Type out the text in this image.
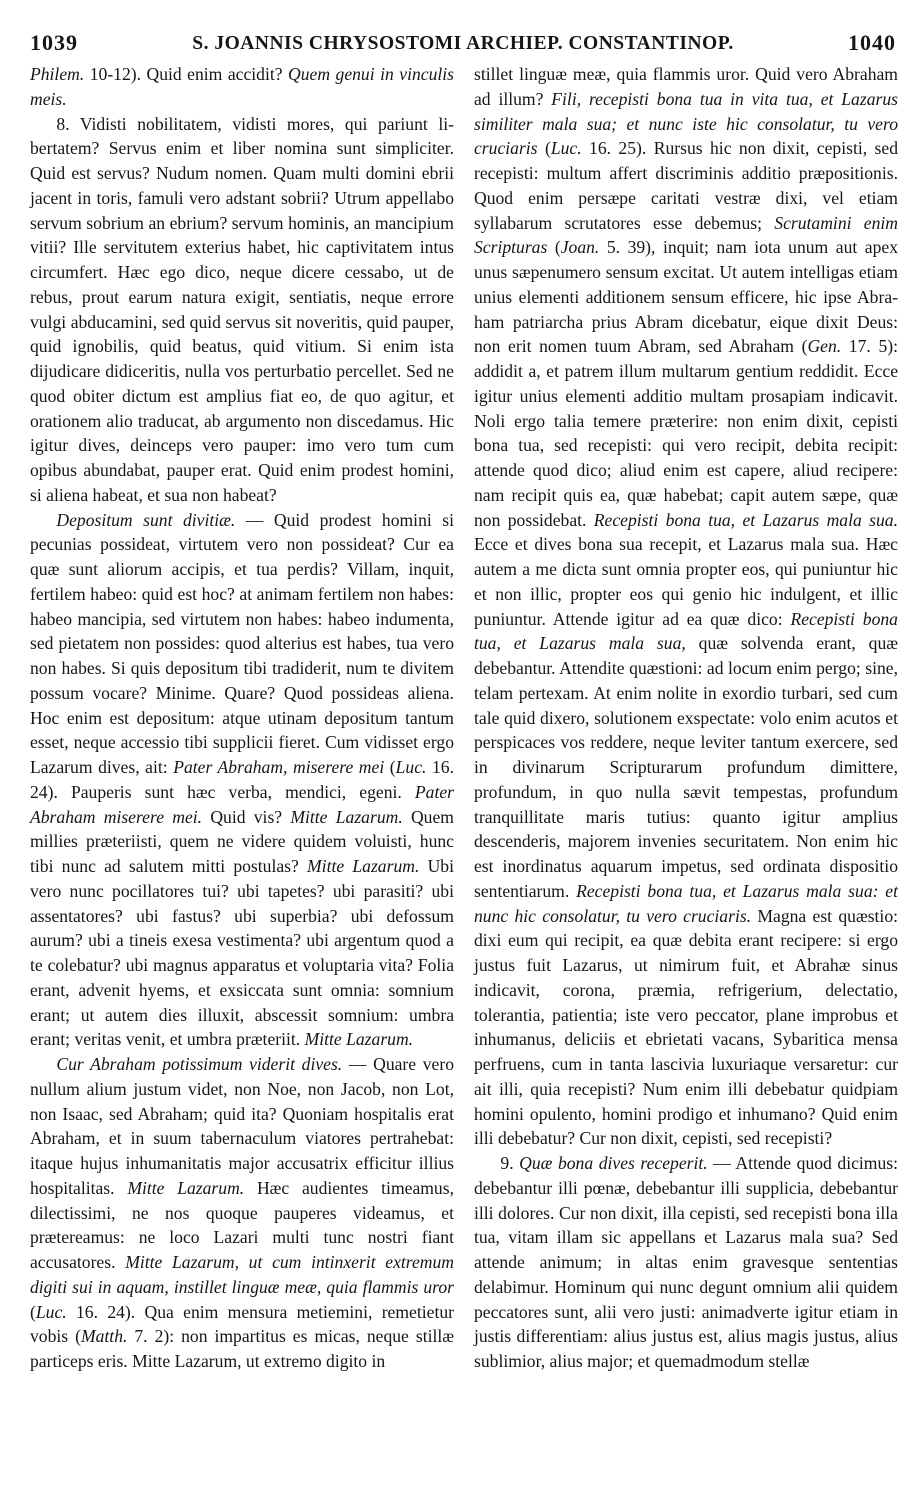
1039	S. JOANNIS CHRYSOSTOMI ARCHIEP. CONSTANTINOP.	1040

Philem. 10-12). Quid enim accidit? Quem genui in vinculis meis.

8. Vidisti nobilitatem, vidisti mores, qui pariunt libertatem? Servus enim et liber nomina sunt simpliciter. Quid est servus? Nudum nomen. Quam multi domini ebrii jacent in toris, famuli vero adstant sobrii? Utrum appellabo servum sobrium an ebrium? servum hominis, an mancipium vitii? Ille servitutem exterius habet, hic captivitatem intus circumfert. Hæc ego dico, neque dicere cessabo, ut de rebus, prout earum natura exigit, sentiatis, neque errore vulgi abducamini, sed quid servus sit noveritis, quid pauper, quid ignobilis, quid beatus, quid vitium. Si enim ista dijudicare didiceritis, nulla vos perturbatio percellet. Sed ne quod obiter dictum est amplius fiat eo, de quo agitur, et orationem alio traducat, ab argumento non discedamus. Hic igitur dives, deinceps vero pauper: imo vero tum cum opibus abundabat, pauper erat. Quid enim prodest homini, si aliena habeat, et sua non habeat?

Depositum sunt divitiæ. — Quid prodest homini si pecunias possideat, virtutem vero non possideat? Cur ea quæ sunt aliorum accipis, et tua perdis? Villam, inquit, fertilem habeo: quid est hoc? at animam fertilem non habes: habeo mancipia, sed virtutem non habes: habeo indumenta, sed pietatem non possides: quod alterius est habes, tua vero non habes. Si quis depositum tibi tradiderit, num te divitem possum vocare? Minime. Quare? Quod possideas aliena. Hoc enim est depositum: atque utinam depositum tantum esset, neque accessio tibi supplicii fieret. Cum vidisset ergo Lazarum dives, ait: Pater Abraham, miserere mei (Luc. 16. 24). Pauperis sunt hæc verba, mendici, egeni. Pater Abraham miserere mei. Quid vis? Mitte Lazarum. Quem millies præteriisti, quem ne videre quidem voluisti, hunc tibi nunc ad salutem mitti postulas? Mitte Lazarum. Ubi vero nunc pocillatores tui? ubi tapetes? ubi parasiti? ubi assentatores? ubi fastus? ubi superbia? ubi defossum aurum? ubi a tineis exesa vestimenta? ubi argentum quod a te colebatur? ubi magnus apparatus et voluptaria vita? Folia erant, advenit hyems, et exsiccata sunt omnia: somnium erant; ut autem dies illuxit, abscessit somnium: umbra erant; veritas venit, et umbra præteriit. Mitte Lazarum.

Cur Abraham potissimum viderit dives. — Quare vero nullum alium justum videt, non Noe, non Jacob, non Lot, non Isaac, sed Abraham; quid ita? Quoniam hospitalis erat Abraham, et in suum tabernaculum viatores pertrahebat: itaque hujus inhumanitatis major accusatrix efficitur illius hospitalitas. Mitte Lazarum. Hæc audientes timeamus, dilectissimi, ne nos quoque pauperes videamus, et prætereamus: ne loco Lazari multi tunc nostri fiant accusatores. Mitte Lazarum, ut cum intinxerit extremum digiti sui in aquam, instillet linguæ meæ, quia flammis uror (Luc. 16. 24). Qua enim mensura metiemini, remetietur vobis (Matth. 7. 2): non impartitus es micas, neque stillæ particeps eris. Mitte Lazarum, ut extremo digito in

stillet linguæ meæ, quia flammis uror. Quid vero Abraham ad illum? Fili, recepisti bona tua in vita tua, et Lazarus similiter mala sua; et nunc iste hic consolatur, tu vero cruciaris (Luc. 16. 25). Rursus hic non dixit, cepisti, sed recepisti: multum affert discriminis additio præpositionis. Quod enim persæpe caritati vestræ dixi, vel etiam syllabarum scrutatores esse debemus; Scrutamini enim Scripturas (Joan. 5. 39), inquit; nam iota unum aut apex unus sæpenumero sensum excitat. Ut autem intelligas etiam unius elementi additionem sensum efficere, hic ipse Abraham patriarcha prius Abram dicebatur, eique dixit Deus: non erit nomen tuum Abram, sed Abraham (Gen. 17. 5): addidit a, et patrem illum multarum gentium reddidit. Ecce igitur unius elementi additio multam prosapiam indicavit. Noli ergo talia temere præterire: non enim dixit, cepisti bona tua, sed recepisti: qui vero recipit, debita recipit: attende quod dico; aliud enim est capere, aliud recipere: nam recipit quis ea, quæ habebat; capit autem sæpe, quæ non possidebat. Recepisti bona tua, et Lazarus mala sua. Ecce et dives bona sua recepit, et Lazarus mala sua. Hæc autem a me dicta sunt omnia propter eos, qui puniuntur hic et non illic, propter eos qui genio hic indulgent, et illic puniuntur. Attende igitur ad ea quæ dico: Recepisti bona tua, et Lazarus mala sua, quæ solvenda erant, quæ debebantur. Attendite quæstioni: ad locum enim pergo; sine, telam pertexam. At enim nolite in exordio turbari, sed cum tale quid dixero, solutionem exspectate: volo enim acutos et perspicaces vos reddere, neque leviter tantum exercere, sed in divinarum Scripturarum profundum dimittere, profundum, in quo nulla sævit tempestas, profundum tranquillitate maris tutius: quanto igitur amplius descenderis, majorem invenies securitatem. Non enim hic est inordinatus aquarum impetus, sed ordinata dispositio sententiarum. Recepisti bona tua, et Lazarus mala sua: et nunc hic consolatur, tu vero cruciaris. Magna est quæstio: dixi eum qui recipit, ea quæ debita erant recipere: si ergo justus fuit Lazarus, ut nimirum fuit, et Abrahæ sinus indicavit, corona, præmia, refrigerium, delectatio, tolerantia, patientia; iste vero peccator, plane improbus et inhumanus, deliciis et ebrietati vacans, Sybaritica mensa perfruens, cum in tanta lascivia luxuriaque versaretur: cur ait illi, quia recepisti? Num enim illi debebatur quidpiam homini opulento, homini prodigo et inhumano? Quid enim illi debebatur? Cur non dixit, cepisti, sed recepisti?

9. Quæ bona dives receperit. — Attende quod dicimus: debebantur illi pœnæ, debebantur illi supplicia, debebantur illi dolores. Cur non dixit, illa cepisti, sed recepisti bona illa tua, vitam illam sic appellans et Lazarus mala sua? Sed attende animum; in altas enim gravesque sententias delabimur. Hominum qui nunc degunt omnium alii quidem peccatores sunt, alii vero justi: animadverte igitur etiam in justis differentiam: alius justus est, alius magis justus, alius sublimior, alius major; et quemadmodum stellæ
